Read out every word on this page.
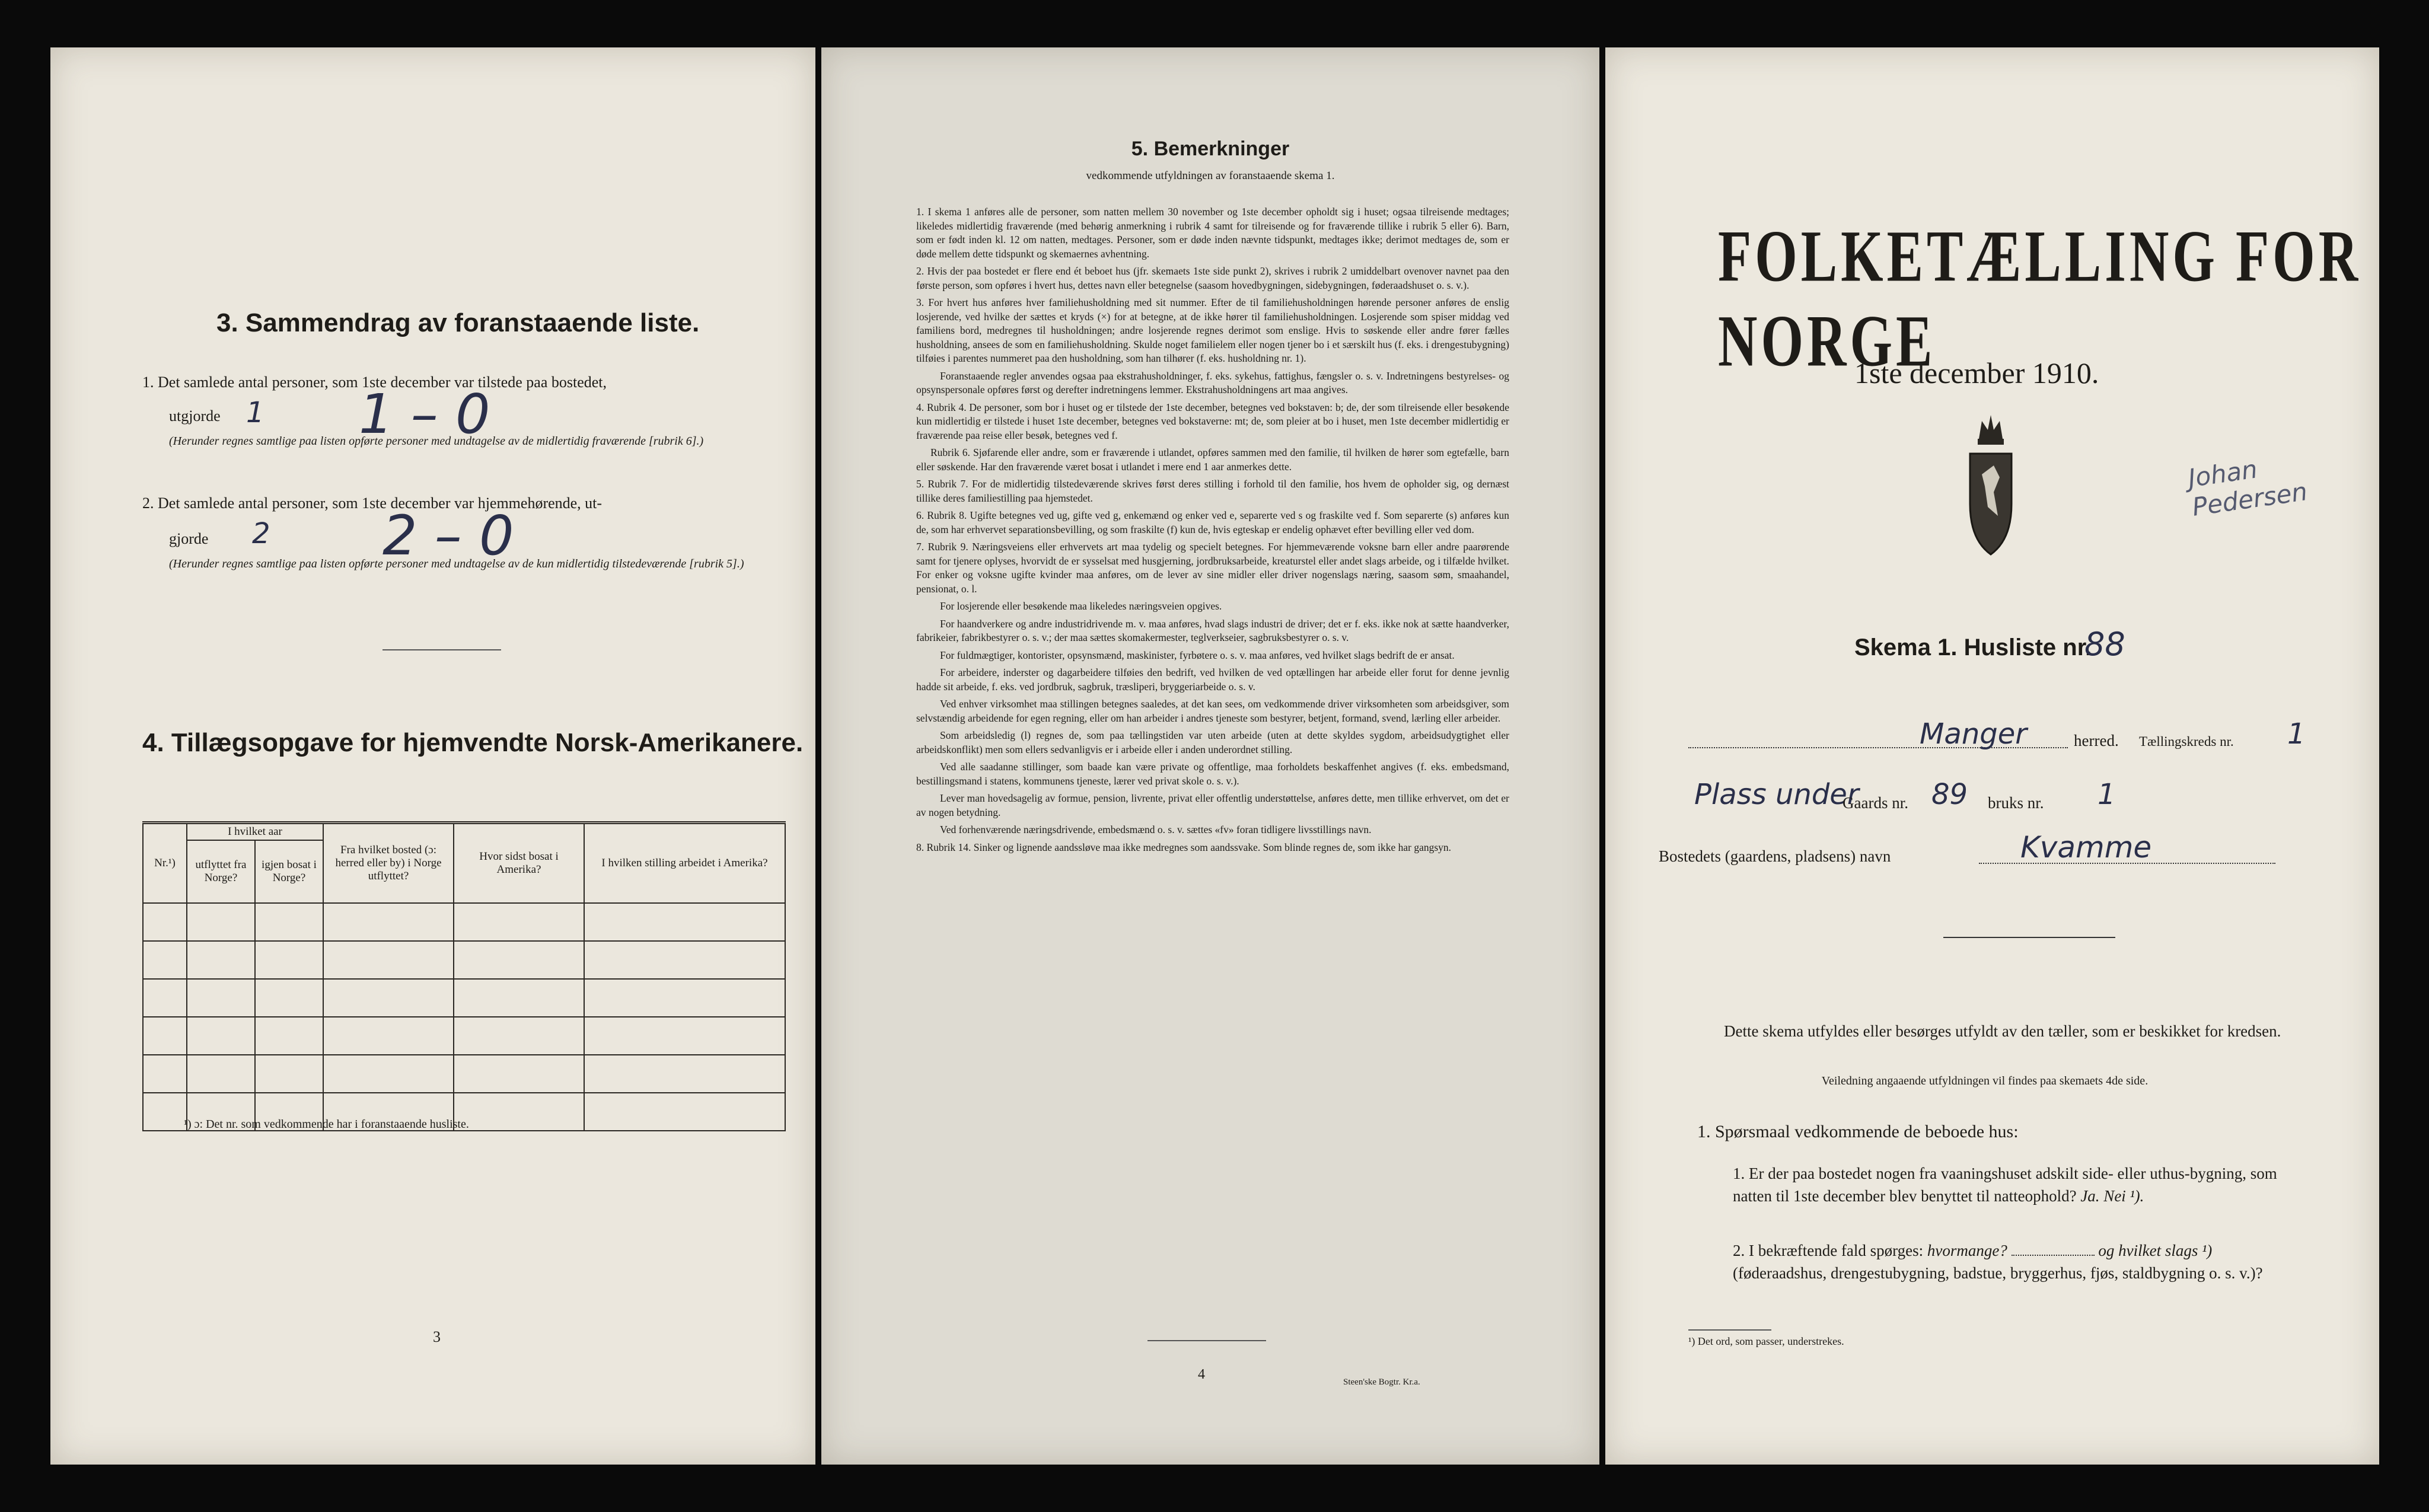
3. Sammendrag av foranstaaende liste.
1. Det samlede antal personer, som 1ste december var tilstede paa bostedet,
utgjorde 1 1 – 0
(Herunder regnes samtlige paa listen opførte personer med undtagelse av de midlertidig fraværende [rubrik 6].)
2. Det samlede antal personer, som 1ste december var hjemmehørende, ut-
gjorde 2 2 – 0
(Herunder regnes samtlige paa listen opførte personer med undtagelse av de kun midlertidig tilstedeværende [rubrik 5].)
4. Tillægsopgave for hjemvendte Norsk-Amerikanere.
Nr.¹)	I hvilket aar		Fra hvilket bosted (ɔ: herred eller by) i Norge utflyttet?	Hvor sidst bosat i Amerika?	I hvilken stilling arbeidet i Amerika?
	utflyttet fra Norge?	igjen bosat i Norge?			

¹) ɔ: Det nr. som vedkommende har i foranstaaende husliste.
3
5. Bemerkninger
vedkommende utfyldningen av foranstaaende skema 1.

1. I skema 1 anføres alle de personer, som natten mellem 30 november og 1ste december opholdt sig i huset; ogsaa tilreisende medtages; likeledes midlertidig fraværende (med behørig anmerkning i rubrik 4 samt for tilreisende og for fraværende tillike i rubrik 5 eller 6). Barn, som er født inden kl. 12 om natten, medtages. Personer, som er døde inden nævnte tidspunkt, medtages ikke; derimot medtages de, som er døde mellem dette tidspunkt og skemaernes avhentning.

2. Hvis der paa bostedet er flere end ét beboet hus (jfr. skemaets 1ste side punkt 2), skrives i rubrik 2 umiddelbart ovenover navnet paa den første person, som opføres i hvert hus, dettes navn eller betegnelse (saasom hovedbygningen, sidebygningen, føderaadshuset o. s. v.).

3. For hvert hus anføres hver familiehusholdning med sit nummer. Efter de til familiehusholdningen hørende personer anføres de enslig losjerende, ved hvilke der sættes et kryds (×) for at betegne, at de ikke hører til familiehusholdningen. Losjerende som spiser middag ved familiens bord, medregnes til husholdningen; andre losjerende regnes derimot som enslige. Hvis to søskende eller andre fører fælles husholdning, ansees de som en familiehusholdning. Skulde noget familielem eller nogen tjener bo i et særskilt hus (f. eks. i drengestubygning) tilføies i parentes nummeret paa den husholdning, som han tilhører (f. eks. husholdning nr. 1).

Foranstaaende regler anvendes ogsaa paa ekstrahusholdninger, f. eks. sykehus, fattighus, fængsler o. s. v. Indretningens bestyrelses- og opsynspersonale opføres først og derefter indretningens lemmer. Ekstrahusholdningens art maa angives.

4. Rubrik 4. De personer, som bor i huset og er tilstede der 1ste december, betegnes ved bokstaven: b; de, der som tilreisende eller besøkende kun midlertidig er tilstede i huset 1ste december, betegnes ved bokstaverne: mt; de, som pleier at bo i huset, men 1ste december midlertidig er fraværende paa reise eller besøk, betegnes ved f.

Rubrik 6. Sjøfarende eller andre, som er fraværende i utlandet, opføres sammen med den familie, til hvilken de hører som egtefælle, barn eller søskende. Har den fraværende været bosat i utlandet i mere end 1 aar anmerkes dette.

5. Rubrik 7. For de midlertidig tilstedeværende skrives først deres stilling i forhold til den familie, hos hvem de opholder sig, og dernæst tillike deres familiestilling paa hjemstedet.

6. Rubrik 8. Ugifte betegnes ved ug, gifte ved g, enkemænd og enker ved e, separerte ved s og fraskilte ved f. Som separerte (s) anføres kun de, som har erhvervet separationsbevilling, og som fraskilte (f) kun de, hvis egteskap er endelig ophævet efter bevilling eller ved dom.

7. Rubrik 9. Næringsveiens eller erhvervets art maa tydelig og specielt betegnes. For hjemmeværende voksne barn eller andre paarørende samt for tjenere oplyses, hvorvidt de er sysselsat med husgjerning, jordbruksarbeide, kreaturstel eller andet slags arbeide, og i tilfælde hvilket. For enker og voksne ugifte kvinder maa anføres, om de lever av sine midler eller driver nogenslags næring, saasom søm, smaahandel, pensionat, o. l.

For losjerende eller besøkende maa likeledes næringsveien opgives.

For haandverkere og andre industridrivende m. v. maa anføres, hvad slags industri de driver; det er f. eks. ikke nok at sætte haandverker, fabrikeier, fabrikbestyrer o. s. v.; der maa sættes skomakermester, teglverkseier, sagbruksbestyrer o. s. v.

For fuldmægtiger, kontorister, opsynsmænd, maskinister, fyrbøtere o. s. v. maa anføres, ved hvilket slags bedrift de er ansat.

For arbeidere, inderster og dagarbeidere tilføies den bedrift, ved hvilken de ved optællingen har arbeide eller forut for denne jevnlig hadde sit arbeide, f. eks. ved jordbruk, sagbruk, træsliperi, bryggeriarbeide o. s. v.

Ved enhver virksomhet maa stillingen betegnes saaledes, at det kan sees, om vedkommende driver virksomheten som arbeidsgiver, som selvstændig arbeidende for egen regning, eller om han arbeider i andres tjeneste som bestyrer, betjent, formand, svend, lærling eller arbeider.

Som arbeidsledig (l) regnes de, som paa tællingstiden var uten arbeide (uten at dette skyldes sygdom, arbeidsudygtighet eller arbeidskonflikt) men som ellers sedvanligvis er i arbeide eller i anden underordnet stilling.

Ved alle saadanne stillinger, som baade kan være private og offentlige, maa forholdets beskaffenhet angives (f. eks. embedsmand, bestillingsmand i statens, kommunens tjeneste, lærer ved privat skole o. s. v.).

Lever man hovedsagelig av formue, pension, livrente, privat eller offentlig understøttelse, anføres dette, men tillike erhvervet, om det er av nogen betydning.

Ved forhenværende næringsdrivende, embedsmænd o. s. v. sættes «fv» foran tidligere livsstillings navn.

8. Rubrik 14. Sinker og lignende aandssløve maa ikke medregnes som aandssvake. Som blinde regnes de, som ikke har gangsyn.

4	Steen'ske Bogtr. Kr.a.
FOLKETÆLLING FOR NORGE
1ste december 1910.
Johan Pedersen
Skema 1. Husliste nr.
88
Manger	herred. Tællingskreds nr. 1
Plass under
Gaards nr. 89 bruks nr. 1
Bostedets (gaardens, pladsens) navn	Kvamme
Dette skema utfyldes eller besørges utfyldt av den tæller, som er beskikket for kredsen.
Veiledning angaaende utfyldningen vil findes paa skemaets 4de side.
1. Spørsmaal vedkommende de beboede hus:
1. Er der paa bostedet nogen fra vaaningshuset adskilt side- eller uthus-bygning, som natten til 1ste december blev benyttet til natteophold? Ja. Nei ¹).
2. I bekræftende fald spørges: hvormange?	og hvilket slags ¹) (føderaadshus, drengestubygning, badstue, bryggerhus, fjøs, staldbygning o. s. v.)?
¹) Det ord, som passer, understrekes.
